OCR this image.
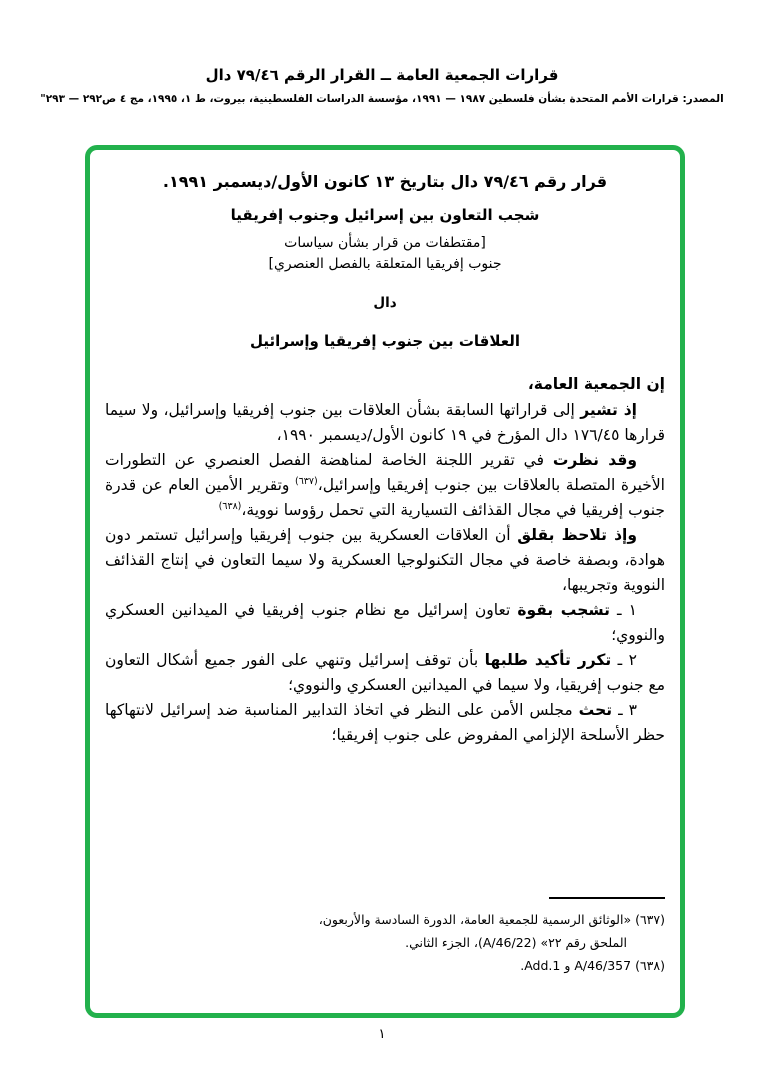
قرارات الجمعية العامة ــ القرار الرقم ٤٦‏/‏٧٩ دال
المصدر: قرارات الأمم المتحدة بشأن فلسطين ١٩٨٧ — ١٩٩١، مؤسسة الدراسات الفلسطينية، بيروت، ط ١، ١٩٩٥، مج ٤ ص٢٩٢ — ٢٩٣"

قرار رقم ٤٦‏/‏٧٩ دال بتاريخ ١٣ كانون الأول/ديسمبر ١٩٩١.

شجب التعاون بين إسرائيل وجنوب إفريقيا

[مقتطفات من قرار بشأن سياسات

جنوب إفريقيا المتعلقة بالفصل العنصري]

دال

العلاقات بين جنوب إفريقيا وإسرائيل

إن الجمعية العامة،

إذ تشير إلى قراراتها السابقة بشأن العلاقات بين جنوب إفريقيا وإسرائيل، ولا سيما قرارها ٤٥‏/‏١٧٦ دال المؤرخ في ١٩ كانون الأول/ديسمبر ١٩٩٠،

وقد نظرت في تقرير اللجنة الخاصة لمناهضة الفصل العنصري عن التطورات الأخيرة المتصلة بالعلاقات بين جنوب إفريقيا وإسرائيل،$^{(٦٣٧)}$ وتقرير الأمين العام عن قدرة جنوب إفريقيا في مجال القذائف التسيارية التي تحمل رؤوسا نووية،$^{(٦٣٨)}$

وإذ تلاحظ بقلق أن العلاقات العسكرية بين جنوب إفريقيا وإسرائيل تستمر دون هوادة، وبصفة خاصة في مجال التكنولوجيا العسكرية ولا سيما التعاون في إنتاج القذائف النووية وتجريبها،

١ ـ تشجب بقوة تعاون إسرائيل مع نظام جنوب إفريقيا في الميدانين العسكري والنووي؛

٢ ـ تكرر تأكيد طلبها بأن توقف إسرائيل وتنهي على الفور جميع أشكال التعاون مع جنوب إفريقيا، ولا سيما في الميدانين العسكري والنووي؛

٣ ـ تحث مجلس الأمن على النظر في اتخاذ التدابير المناسبة ضد إسرائيل لانتهاكها حظر الأسلحة الإلزامي المفروض على جنوب إفريقيا؛

(٦٣٧) «الوثائق الرسمية للجمعية العامة، الدورة السادسة والأربعون، الملحق رقم ٢٢» (A/46/22)، الجزء الثاني.

(٦٣٨) A/46/357 و Add.1.

١
